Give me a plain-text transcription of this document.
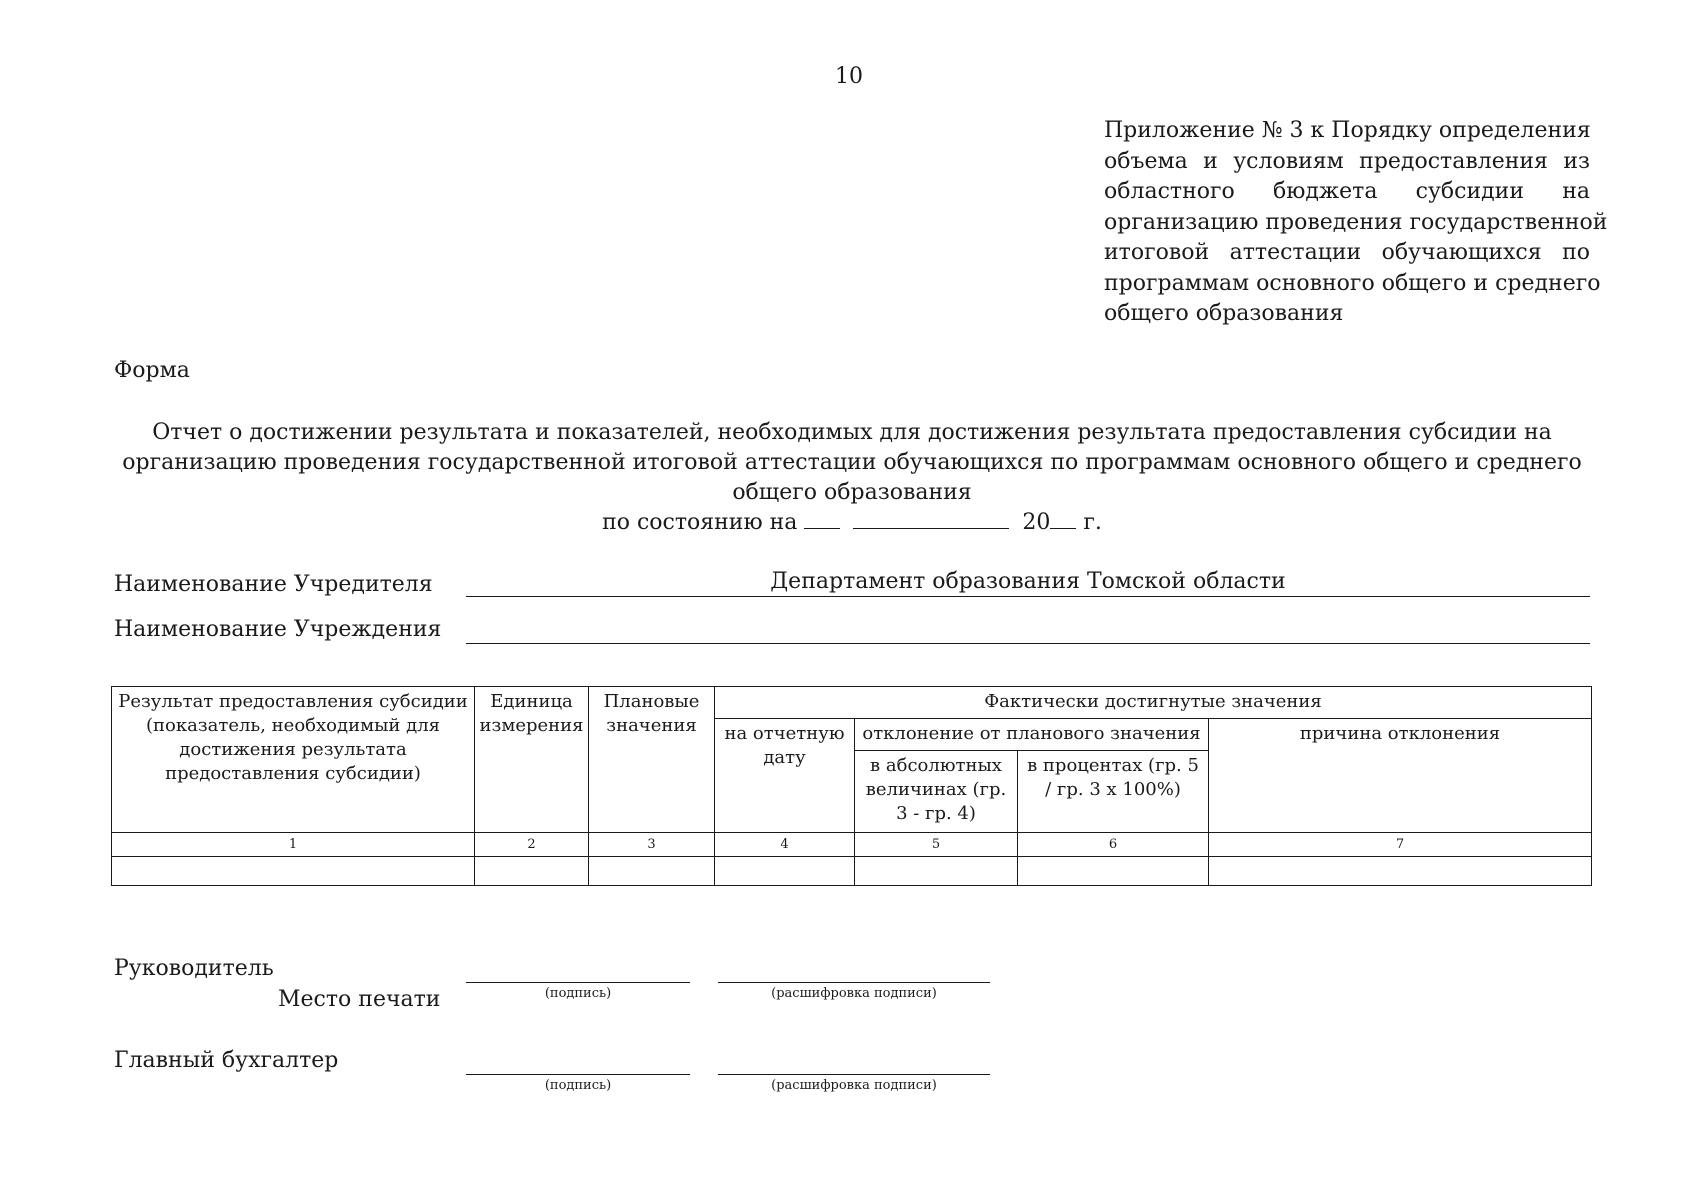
10
Приложение № 3 к Порядку определения
объема и условиям предоставления из
областного бюджета субсидии на
организацию проведения государственной
итоговой аттестации обучающихся по
программам основного общего и среднего
общего образования
Форма
Отчет о достижении результата и показателей, необходимых для достижения результата предоставления субсидии на
организацию проведения государственной итоговой аттестации обучающихся по программам основного общего и среднего
общего образования
по состоянию на	20 г.
Наименование Учредителя	Департамент образования Томской области
Наименование Учреждения
Результат предоставления субсидии (показатель, необходимый для достижения результата предоставления субсидии)	Единица измерения	Плановые значения	Фактически достигнутые значения			
			на отчетную дату	отклонение от планового значения		причина отклонения
				в абсолютных величинах (гр. 3 - гр. 4)	в процентах (гр. 5 / гр. 3 х 100%)	
1	2	3	4	5	6	7

Руководитель
Место печати	(подпись)	(расшифровка подписи)
Главный бухгалтер
(подпись)	(расшифровка подписи)
